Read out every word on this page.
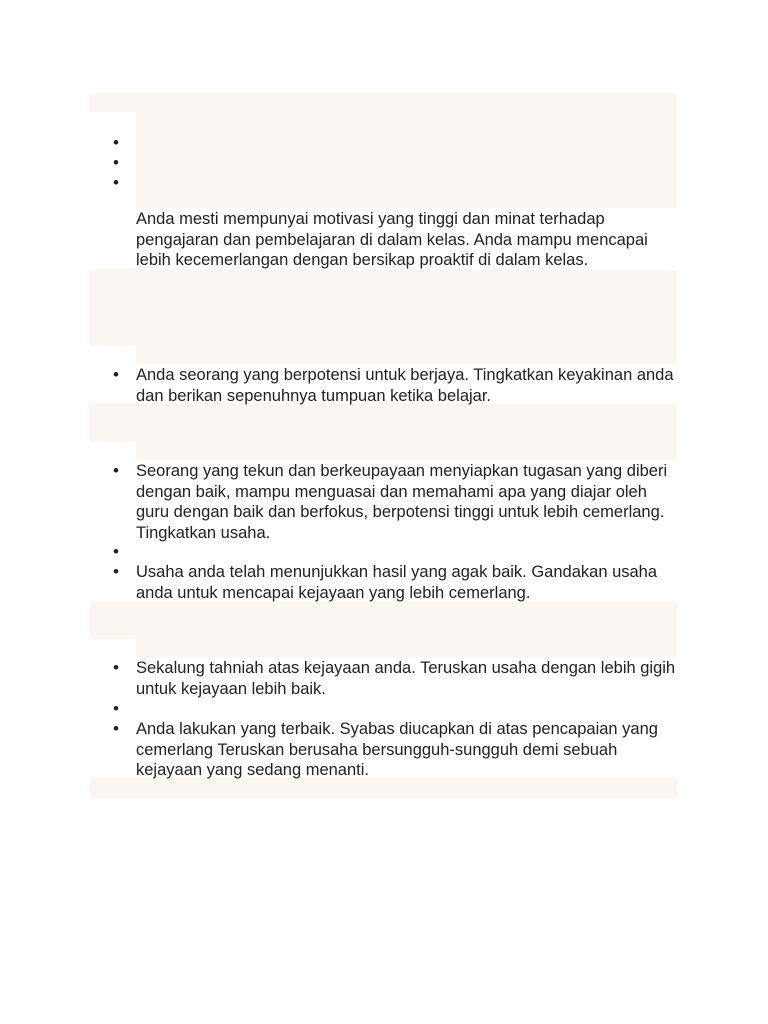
•
•
•

Anda mesti mempunyai motivasi yang tinggi dan minat terhadap pengajaran dan pembelajaran di dalam kelas. Anda mampu mencapai lebih kecemerlangan dengan bersikap proaktif di dalam kelas.

• Anda seorang yang berpotensi untuk berjaya. Tingkatkan keyakinan anda dan berikan sepenuhnya tumpuan ketika belajar.

• Seorang yang tekun dan berkeupayaan menyiapkan tugasan yang diberi dengan baik, mampu menguasai dan memahami apa yang diajar oleh guru dengan baik dan berfokus, berpotensi tinggi untuk lebih cemerlang. Tingkatkan usaha.

•
• Usaha anda telah menunjukkan hasil yang agak baik. Gandakan usaha anda untuk mencapai kejayaan yang lebih cemerlang.

• Sekalung tahniah atas kejayaan anda. Teruskan usaha dengan lebih gigih untuk kejayaan lebih baik.

•
• Anda lakukan yang terbaik. Syabas diucapkan di atas pencapaian yang cemerlang Teruskan berusaha bersungguh-sungguh demi sebuah kejayaan yang sedang menanti.
